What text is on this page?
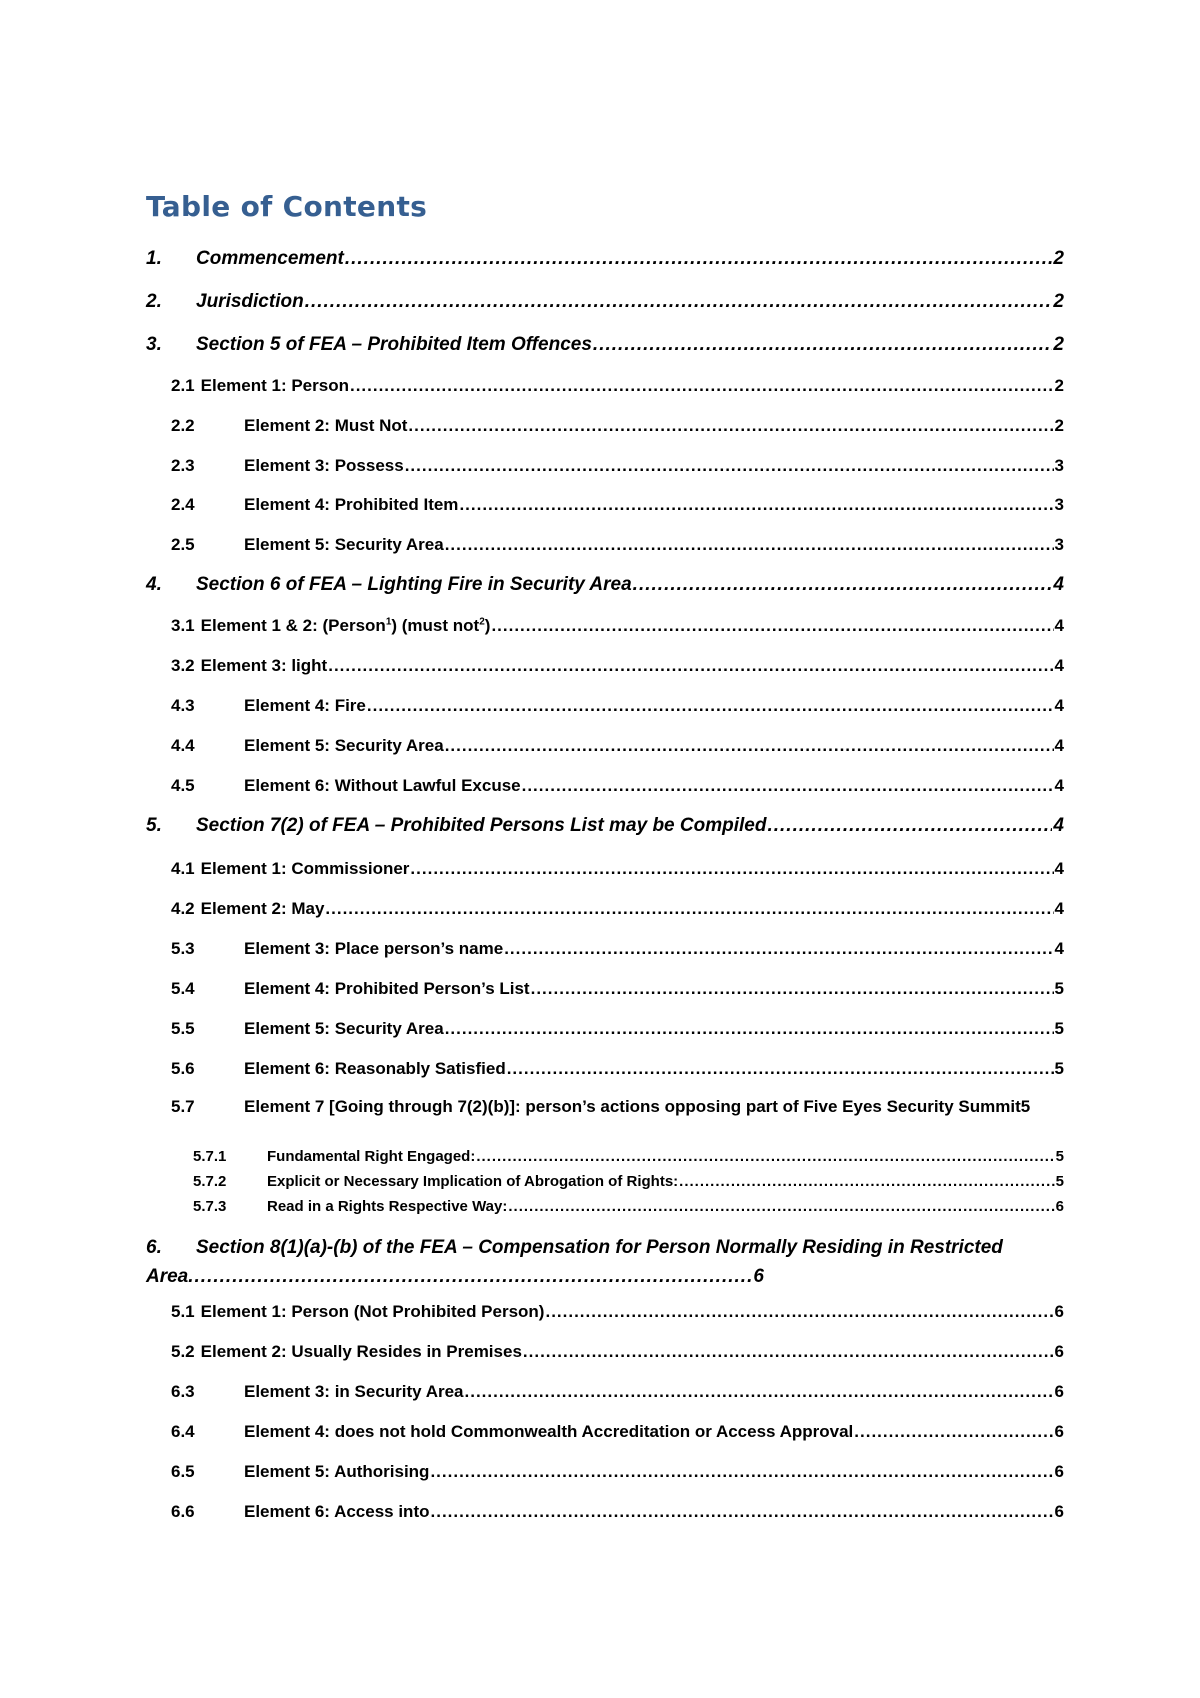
Table of Contents
1.	Commencement .....	2
2.	Jurisdiction .....	2
3.	Section 5 of FEA – Prohibited Item Offences .....	2
2.1 Element 1: Person .....	2
2.2	Element 2: Must Not .....	2
2.3	Element 3: Possess .....	3
2.4	Element 4: Prohibited Item .....	3
2.5	Element 5: Security Area .....	3
4.	Section 6 of FEA – Lighting Fire in Security Area .....	4
3.1 Element 1 & 2: (Person$^1$) (must not$^2$) .....	4
3.2 Element 3: light .....	4
4.3	Element 4: Fire .....	4
4.4	Element 5: Security Area .....	4
4.5	Element 6: Without Lawful Excuse .....	4
5.	Section 7(2) of FEA – Prohibited Persons List may be Compiled .....	4
4.1 Element 1: Commissioner .....	4
4.2 Element 2: May .....	4
5.3	Element 3: Place person’s name .....	4
5.4	Element 4: Prohibited Person’s List .....	5
5.5	Element 5: Security Area .....	5
5.6	Element 6: Reasonably Satisfied .....	5
5.7	Element 7 [Going through 7(2)(b)]: person’s actions opposing part of Five Eyes Security Summit5
5.7.1	Fundamental Right Engaged: .....	5
5.7.2	Explicit or Necessary Implication of Abrogation of Rights: .....	5
5.7.3	Read in a Rights Respective Way: .....	6
6. Section 8(1)(a)-(b) of the FEA – Compensation for Person Normally Residing in Restricted Area..........................................................................................6
5.1 Element 1: Person (Not Prohibited Person) .....	6
5.2 Element 2: Usually Resides in Premises .....	6
6.3	Element 3: in Security Area .....	6
6.4	Element 4: does not hold Commonwealth Accreditation or Access Approval .....	6
6.5	Element 5: Authorising .....	6
6.6	Element 6: Access into .....	6
